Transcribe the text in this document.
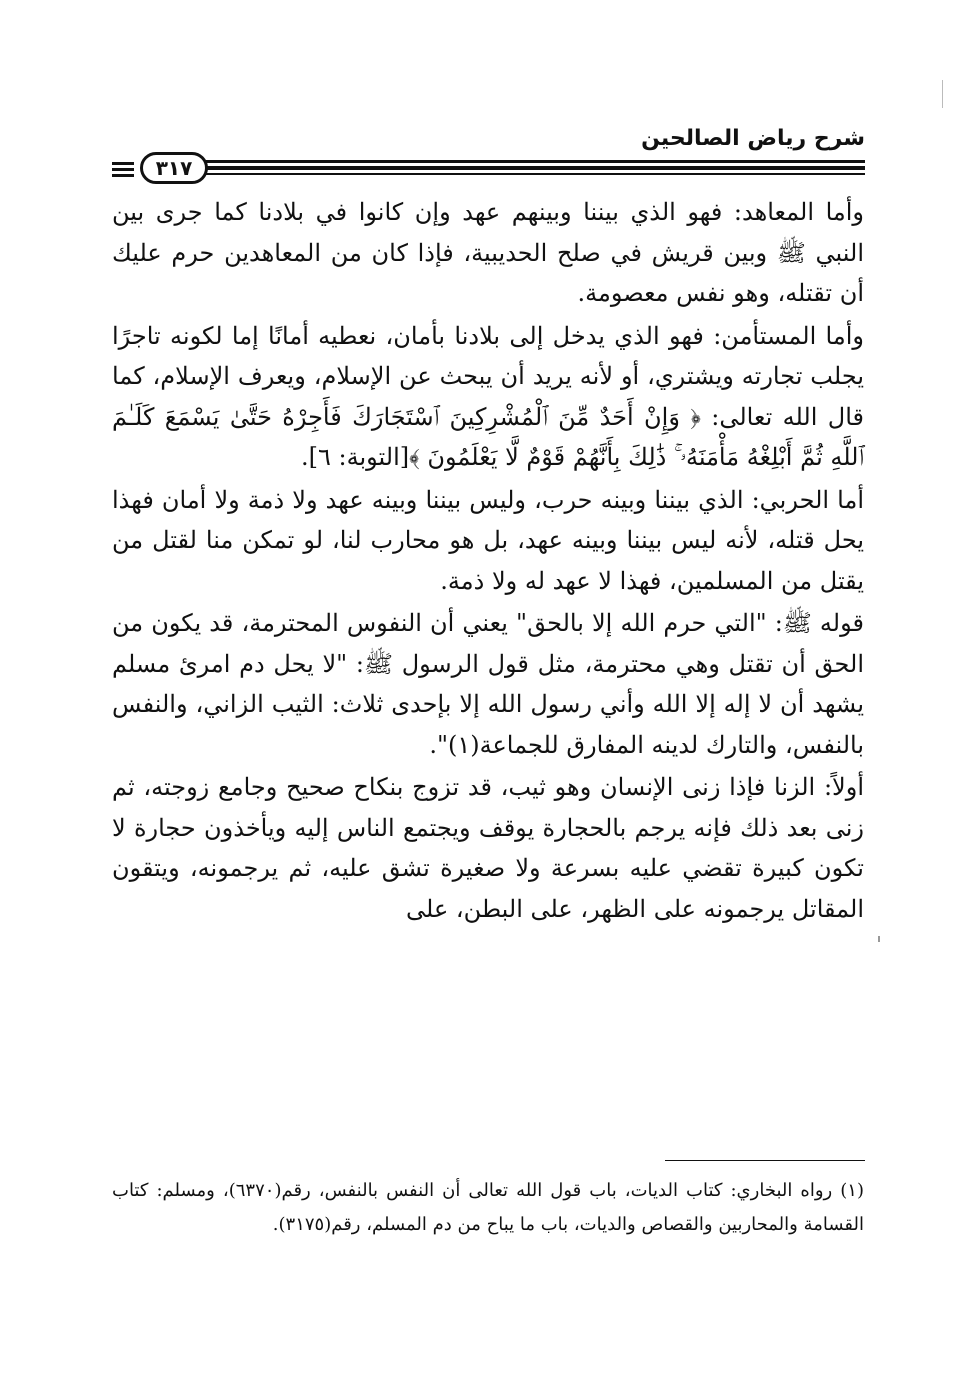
شرح رياض الصالحين
٣١٧

وأما المعاهد: فهو الذي بيننا وبينهم عهد وإن كانوا في بلادنا كما جرى بين النبي ﷺ وبين قريش في صلح الحديبية، فإذا كان من المعاهدين حرم عليك أن تقتله، وهو نفس معصومة.

وأما المستأمن: فهو الذي يدخل إلى بلادنا بأمان، نعطيه أمانًا إما لكونه تاجرًا يجلب تجارته ويشتري، أو لأنه يريد أن يبحث عن الإسلام، ويعرف الإسلام، كما قال الله تعالى: ﴿ وَإِنْ أَحَدٌ مِّنَ ٱلْمُشْرِكِينَ ٱسْتَجَارَكَ فَأَجِرْهُ حَتَّىٰ يَسْمَعَ كَلَـٰمَ ٱللَّهِ ثُمَّ أَبْلِغْهُ مَأْمَنَهُۥ ۚ ذَٰلِكَ بِأَنَّهُمْ قَوْمٌ لَّا يَعْلَمُونَ ﴾[التوبة: ٦].

أما الحربي: الذي بيننا وبينه حرب، وليس بيننا وبينه عهد ولا ذمة ولا أمان فهذا يحل قتله، لأنه ليس بيننا وبينه عهد، بل هو محارب لنا، لو تمكن منا لقتل من يقتل من المسلمين، فهذا لا عهد له ولا ذمة.

قوله ﷺ: "التي حرم الله إلا بالحق" يعني أن النفوس المحترمة، قد يكون من الحق أن تقتل وهي محترمة، مثل قول الرسول ﷺ: "لا يحل دم امرئ مسلم يشهد أن لا إله إلا الله وأني رسول الله إلا بإحدى ثلاث: الثيب الزاني، والنفس بالنفس، والتارك لدينه المفارق للجماعة(١)".

أولاً: الزنا فإذا زنى الإنسان وهو ثيب، قد تزوج بنكاح صحيح وجامع زوجته، ثم زنى بعد ذلك فإنه يرجم بالحجارة يوقف ويجتمع الناس إليه ويأخذون حجارة لا تكون كبيرة تقضي عليه بسرعة ولا صغيرة تشق عليه، ثم يرجمونه، ويتقون المقاتل يرجمونه على الظهر، على البطن، على

(١) رواه البخاري: كتاب الديات، باب قول الله تعالى أن النفس بالنفس، رقم(٦٣٧٠)، ومسلم: كتاب القسامة والمحاربين والقصاص والديات، باب ما يباح من دم المسلم، رقم(٣١٧٥).
